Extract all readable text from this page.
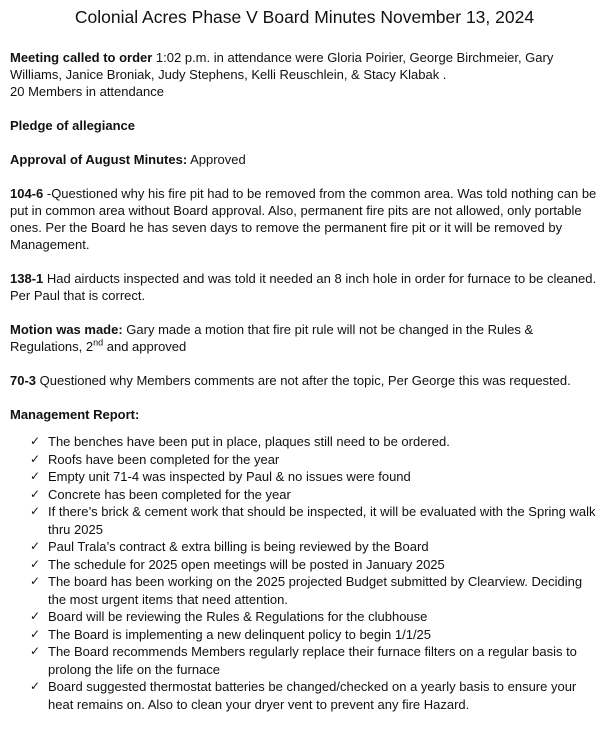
Colonial Acres Phase V Board Minutes November 13, 2024

Meeting called to order 1:02 p.m. in attendance were Gloria Poirier, George Birchmeier, Gary Williams, Janice Broniak, Judy Stephens, Kelli Reuschlein, & Stacy Klabak .

20 Members in attendance

Pledge of allegiance

Approval of August Minutes: Approved

104-6 -Questioned why his fire pit had to be removed from the common area. Was told nothing can be put in common area without Board approval. Also, permanent fire pits are not allowed, only portable ones. Per the Board he has seven days to remove the permanent fire pit or it will be removed by Management.

138-1 Had airducts inspected and was told it needed an 8 inch hole in order for furnace to be cleaned. Per Paul that is correct.

Motion was made: Gary made a motion that fire pit rule will not be changed in the Rules & Regulations, 2nd and approved

70-3 Questioned why Members comments are not after the topic, Per George this was requested.

Management Report:

✓ The benches have been put in place, plaques still need to be ordered.
✓ Roofs have been completed for the year
✓ Empty unit 71-4 was inspected by Paul & no issues were found
✓ Concrete has been completed for the year
✓ If there’s brick & cement work that should be inspected, it will be evaluated with the Spring walk thru 2025
✓ Paul Trala’s contract & extra billing is being reviewed by the Board
✓ The schedule for 2025 open meetings will be posted in January 2025
✓ The board has been working on the 2025 projected Budget submitted by Clearview. Deciding the most urgent items that need attention.
✓ Board will be reviewing the Rules & Regulations for the clubhouse
✓ The Board is implementing a new delinquent policy to begin 1/1/25
✓ The Board recommends Members regularly replace their furnace filters on a regular basis to prolong the life on the furnace
✓ Board suggested thermostat batteries be changed/checked on a yearly basis to ensure your heat remains on. Also to clean your dryer vent to prevent any fire Hazard.
